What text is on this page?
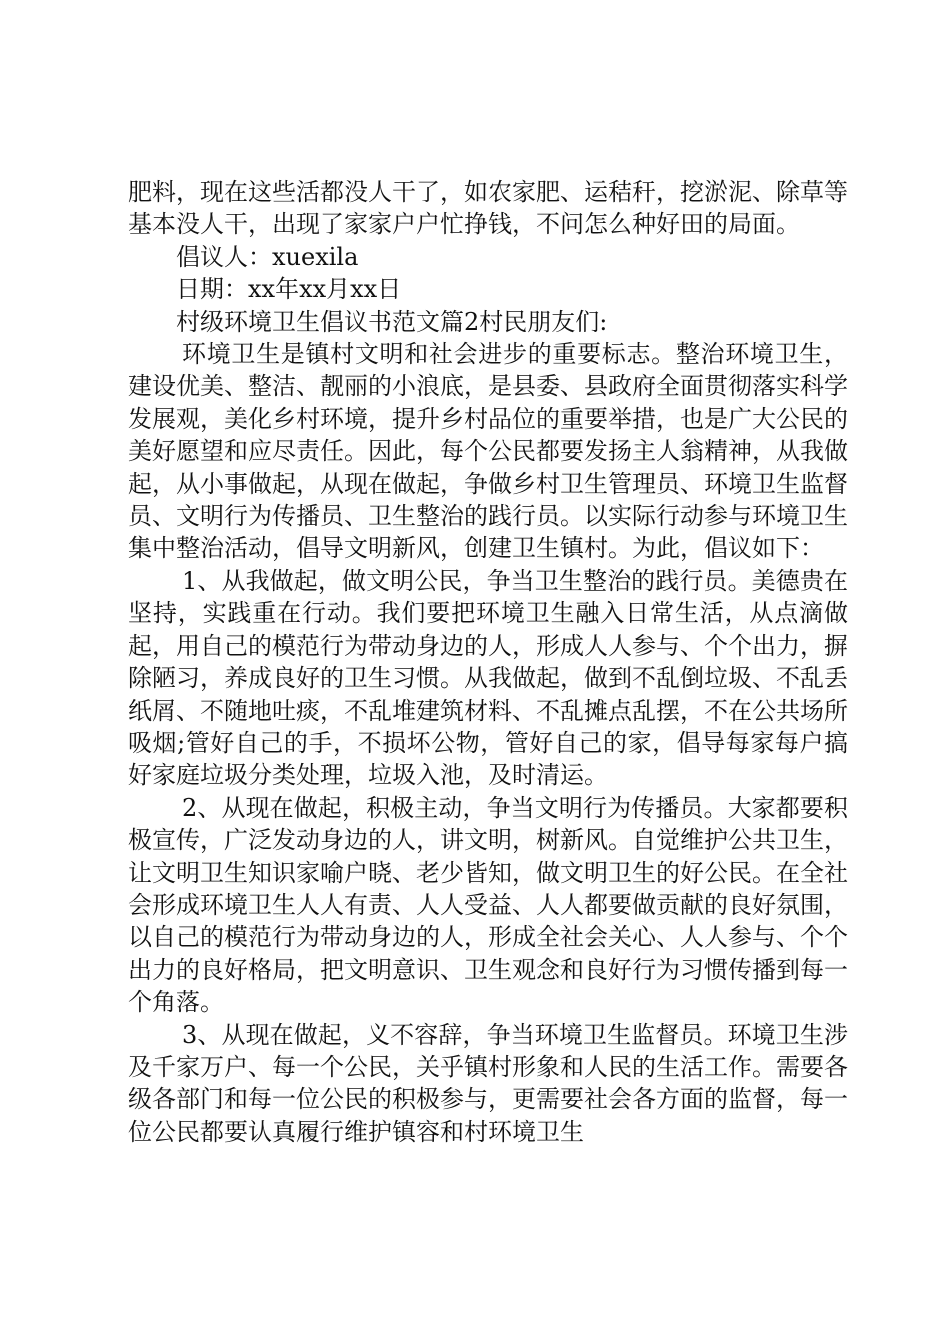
肥料，现在这些活都没人干了，如农家肥、运秸秆，挖淤泥、除草等基本没人干，出现了家家户户忙挣钱，不问怎么种好田的局面。

倡议人：xuexila

日期：xx年xx月xx日

村级环境卫生倡议书范文篇2村民朋友们:

环境卫生是镇村文明和社会进步的重要标志。整治环境卫生，建设优美、整洁、靓丽的小浪底，是县委、县政府全面贯彻落实科学发展观，美化乡村环境，提升乡村品位的重要举措，也是广大公民的美好愿望和应尽责任。因此，每个公民都要发扬主人翁精神，从我做起，从小事做起，从现在做起，争做乡村卫生管理员、环境卫生监督员、文明行为传播员、卫生整治的践行员。以实际行动参与环境卫生集中整治活动，倡导文明新风，创建卫生镇村。为此，倡议如下：

1、从我做起，做文明公民，争当卫生整治的践行员。美德贵在坚持，实践重在行动。我们要把环境卫生融入日常生活，从点滴做起，用自己的模范行为带动身边的人，形成人人参与、个个出力，摒除陋习，养成良好的卫生习惯。从我做起，做到不乱倒垃圾、不乱丢纸屑、不随地吐痰，不乱堆建筑材料、不乱摊点乱摆，不在公共场所吸烟;管好自己的手，不损坏公物，管好自己的家，倡导每家每户搞好家庭垃圾分类处理，垃圾入池，及时清运。

2、从现在做起，积极主动，争当文明行为传播员。大家都要积极宣传，广泛发动身边的人，讲文明，树新风。自觉维护公共卫生，让文明卫生知识家喻户晓、老少皆知，做文明卫生的好公民。在全社会形成环境卫生人人有责、人人受益、人人都要做贡献的良好氛围，以自己的模范行为带动身边的人，形成全社会关心、人人参与、个个出力的良好格局，把文明意识、卫生观念和良好行为习惯传播到每一个角落。

3、从现在做起，义不容辞，争当环境卫生监督员。环境卫生涉及千家万户、每一个公民，关乎镇村形象和人民的生活工作。需要各级各部门和每一位公民的积极参与，更需要社会各方面的监督，每一位公民都要认真履行维护镇容和村环境卫生
